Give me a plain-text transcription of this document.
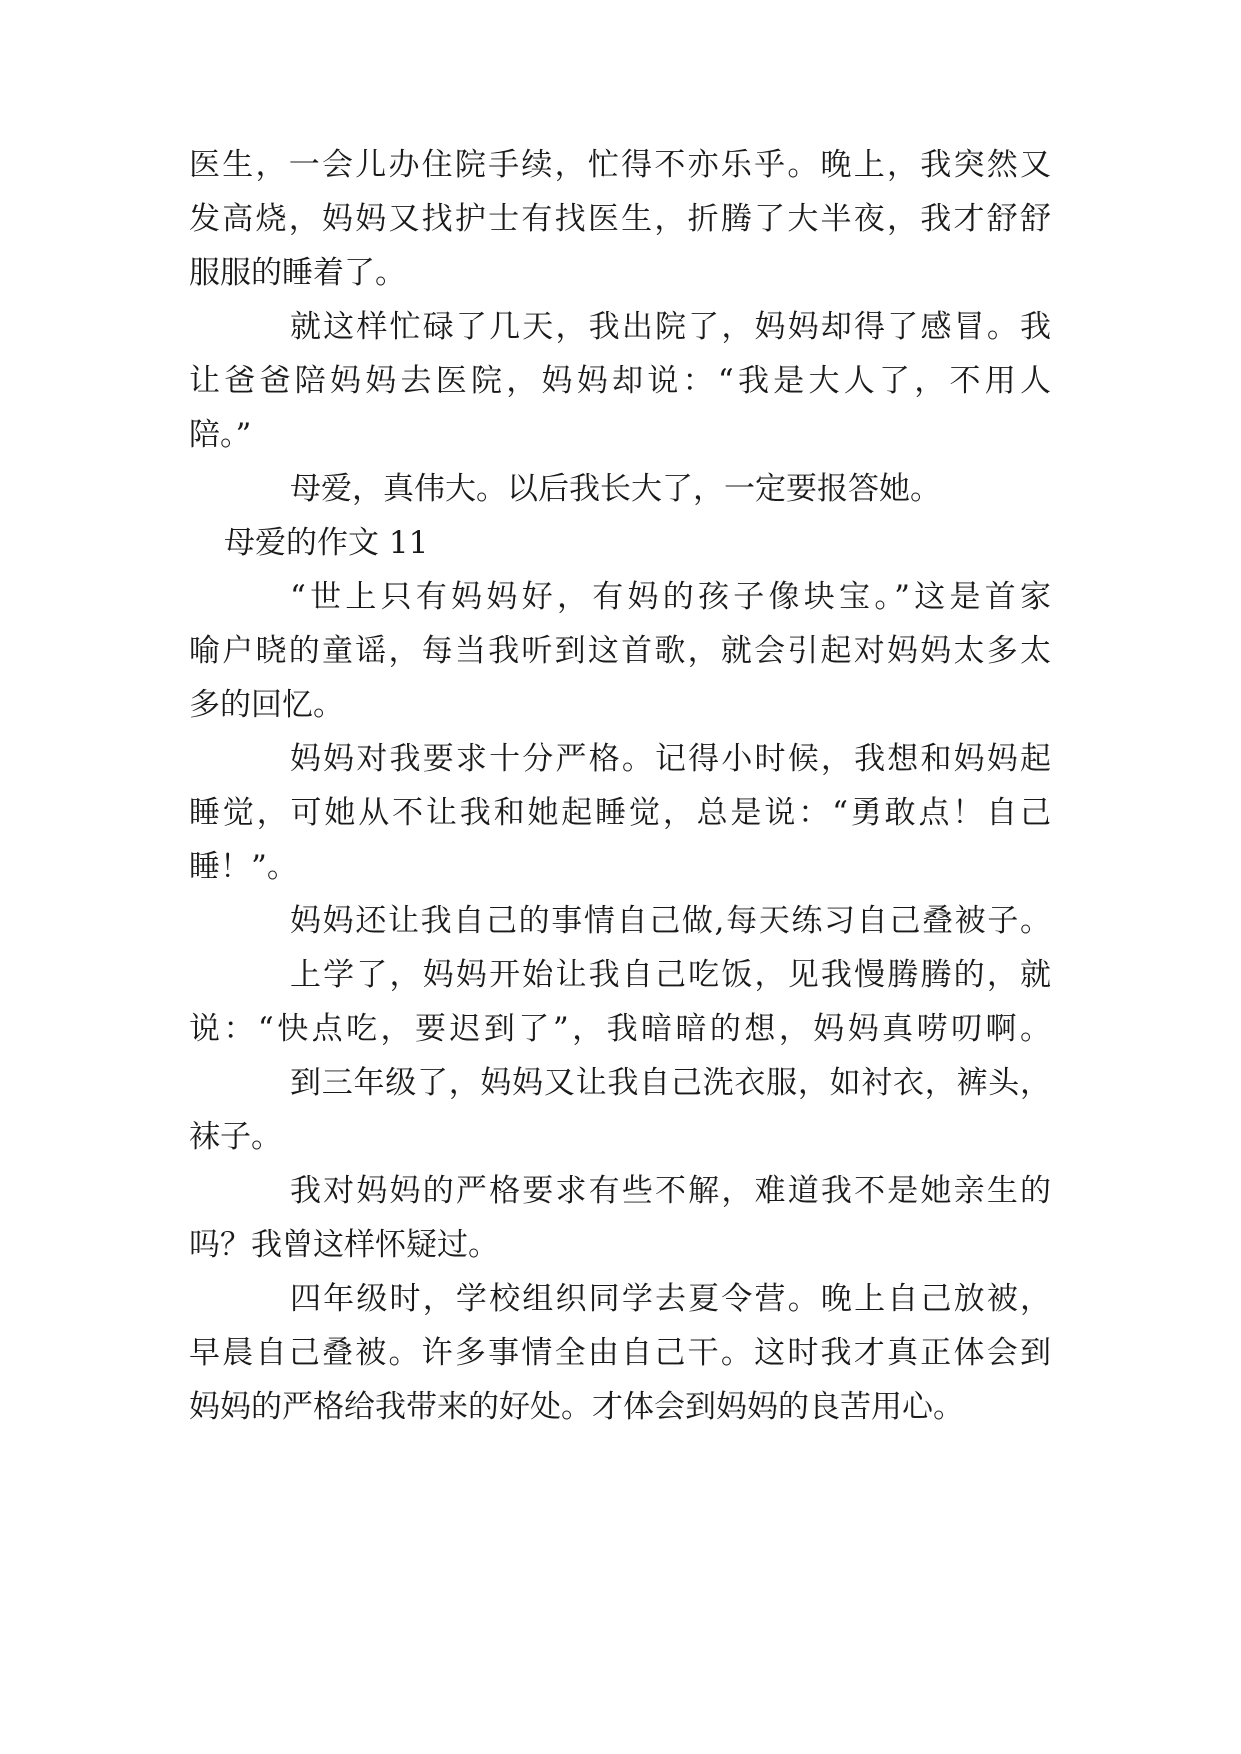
医生，一会儿办住院手续，忙得不亦乐乎。晚上，我突然又
发高烧，妈妈又找护士有找医生，折腾了大半夜，我才舒舒
服服的睡着了。
就这样忙碌了几天，我出院了，妈妈却得了感冒。我
让爸爸陪妈妈去医院，妈妈却说：“我是大人了，不用人
陪。”
母爱，真伟大。以后我长大了，一定要报答她。
母爱的作文 11
“世上只有妈妈好，有妈的孩子像块宝。”这是首家
喻户晓的童谣，每当我听到这首歌，就会引起对妈妈太多太
多的回忆。
妈妈对我要求十分严格。记得小时候，我想和妈妈起
睡觉，可她从不让我和她起睡觉，总是说：“勇敢点！自己
睡！”。
妈妈还让我自己的事情自己做,每天练习自己叠被子。
上学了，妈妈开始让我自己吃饭，见我慢腾腾的，就
说：“快点吃，要迟到了”，我暗暗的想，妈妈真唠叨啊。
到三年级了，妈妈又让我自己洗衣服，如衬衣，裤头，
袜子。
我对妈妈的严格要求有些不解，难道我不是她亲生的
吗？我曾这样怀疑过。
四年级时，学校组织同学去夏令营。晚上自己放被，
早晨自己叠被。许多事情全由自己干。这时我才真正体会到
妈妈的严格给我带来的好处。才体会到妈妈的良苦用心。
